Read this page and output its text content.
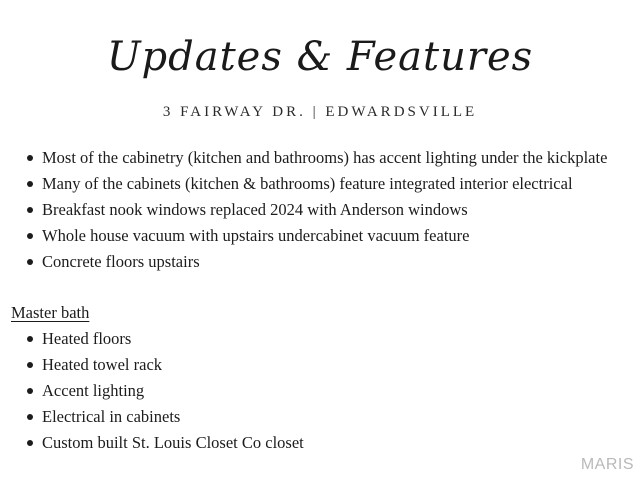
Updates & Features
3 FAIRWAY DR. | EDWARDSVILLE
Most of the cabinetry (kitchen and bathrooms) has accent lighting under the kickplate
Many of the cabinets (kitchen & bathrooms) feature integrated interior electrical
Breakfast nook windows replaced 2024 with Anderson windows
Whole house vacuum with upstairs undercabinet vacuum feature
Concrete floors upstairs
Master bath
Heated floors
Heated towel rack
Accent lighting
Electrical in cabinets
Custom built St. Louis Closet Co closet
MARIS
